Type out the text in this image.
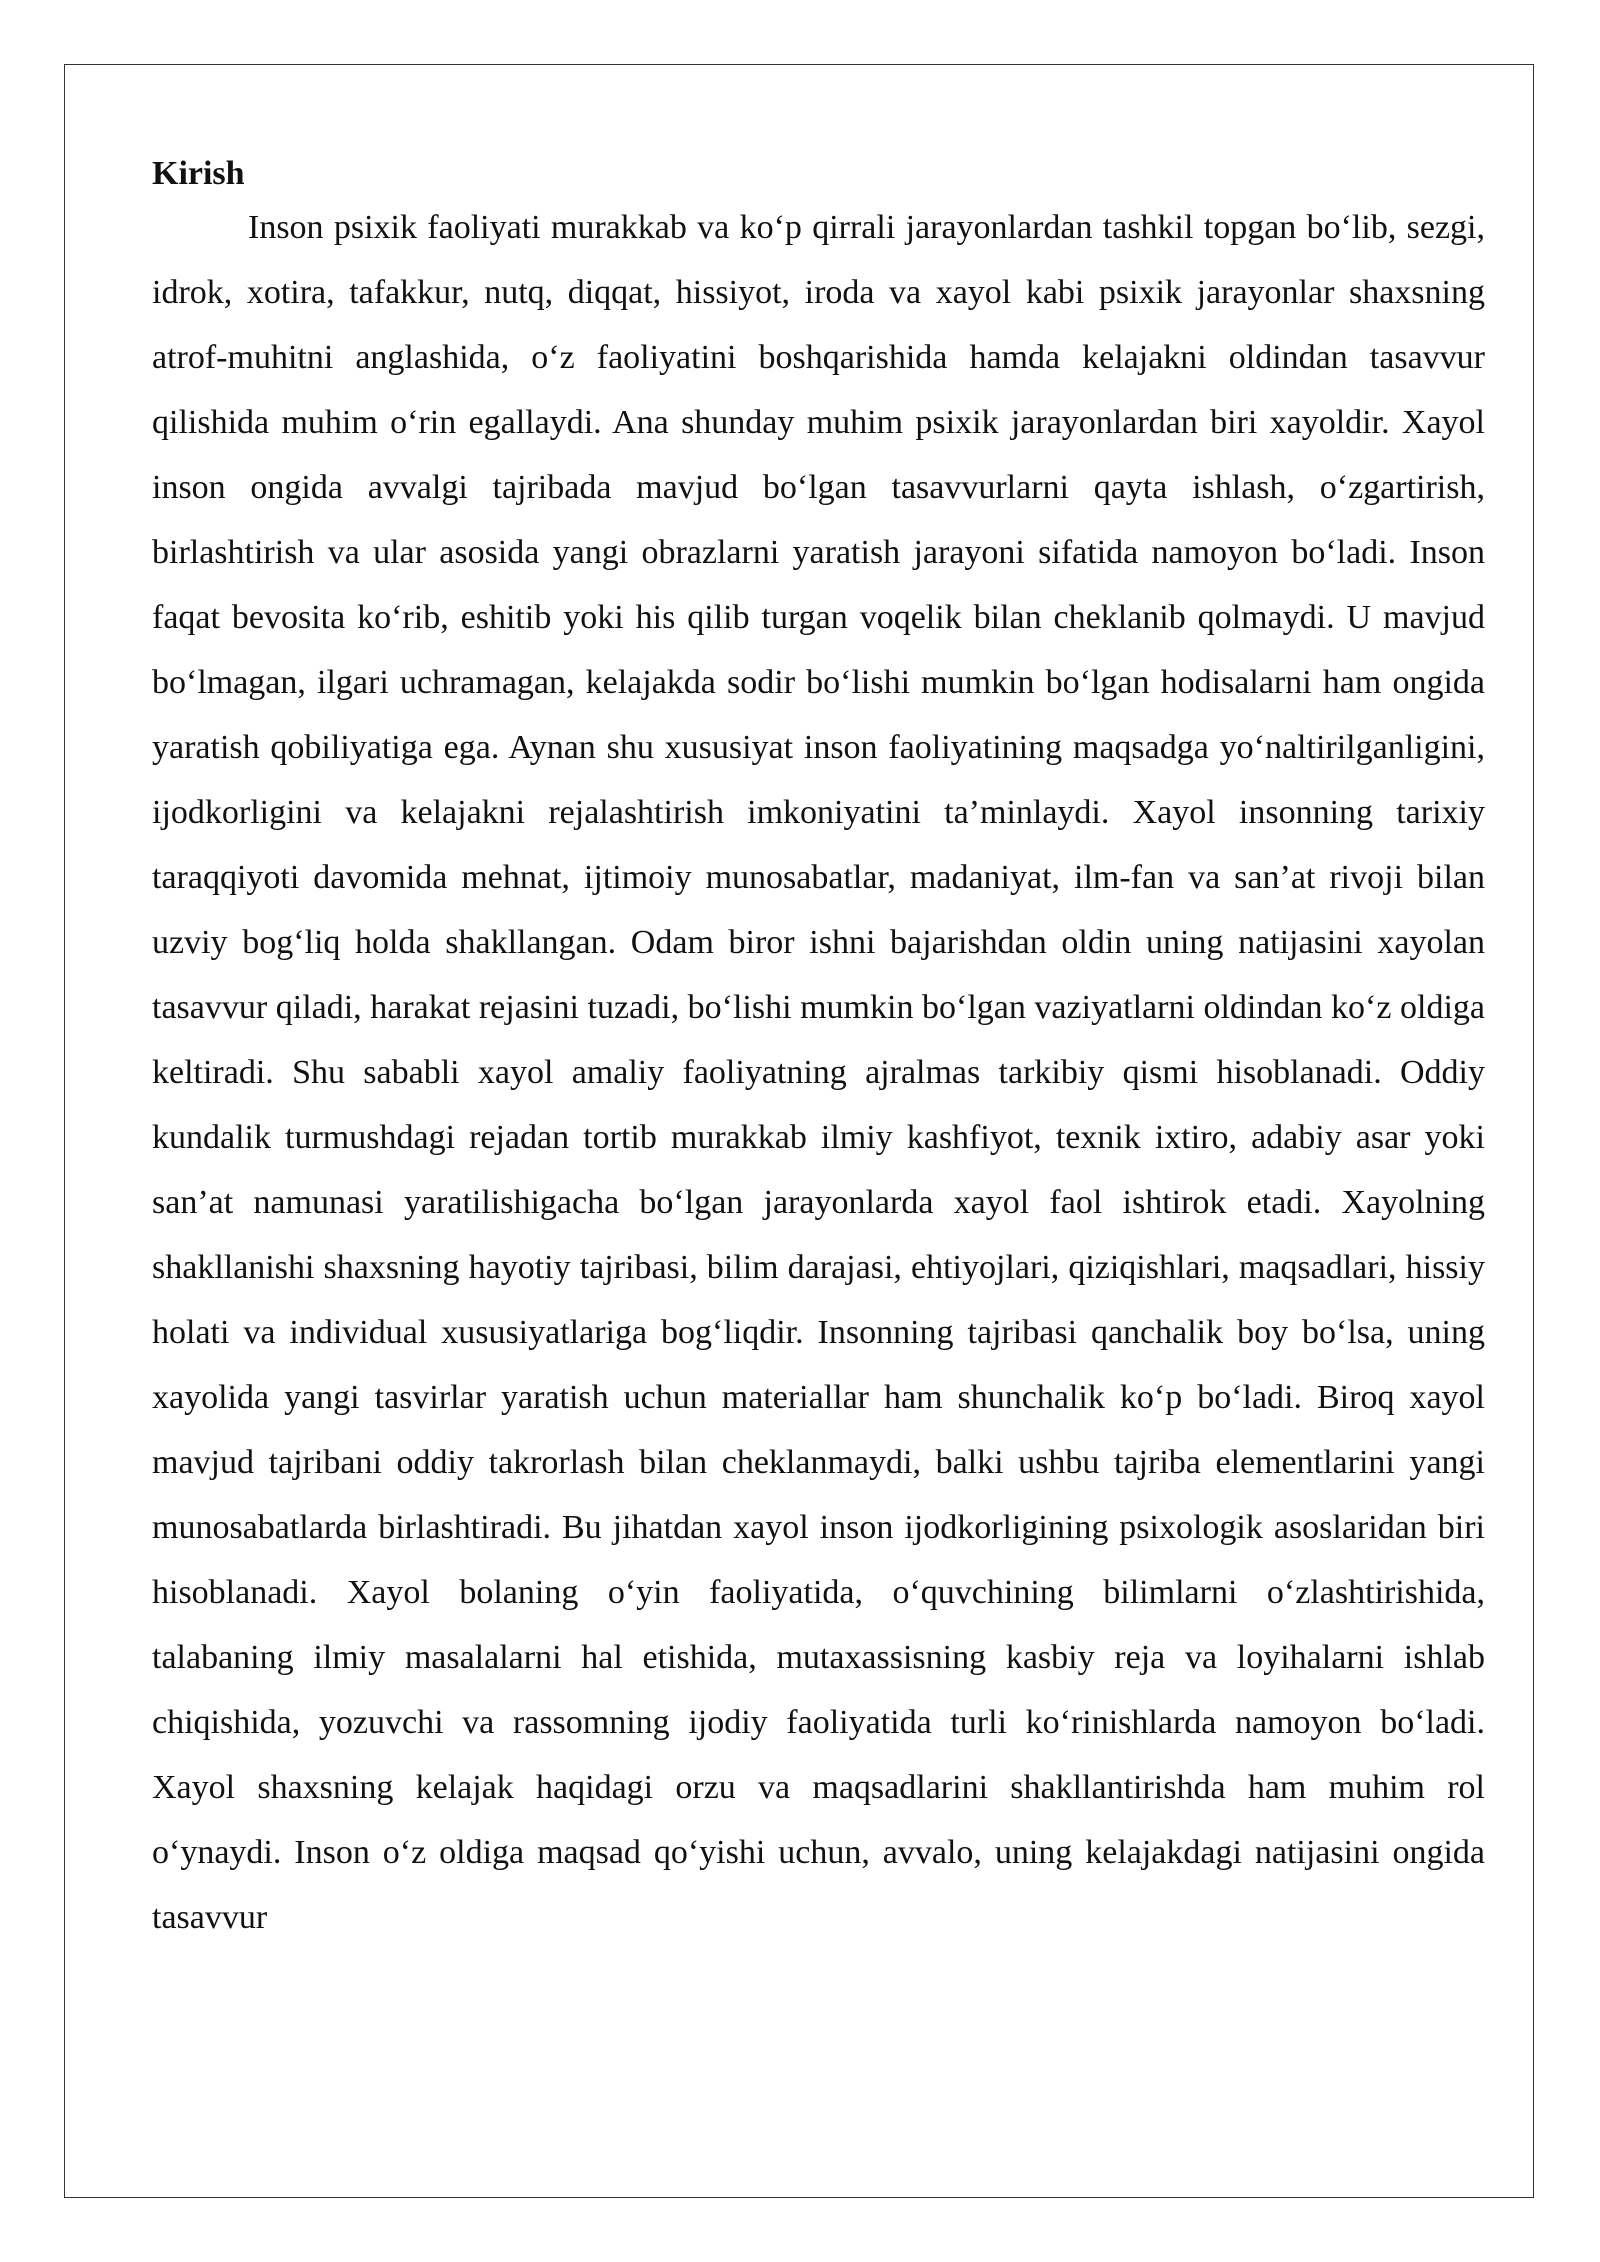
Kirish

Inson psixik faoliyati murakkab va ko‘p qirrali jarayonlardan tashkil topgan bo‘lib, sezgi, idrok, xotira, tafakkur, nutq, diqqat, hissiyot, iroda va xayol kabi psixik jarayonlar shaxsning atrof-muhitni anglashida, o‘z faoliyatini boshqarishida hamda kelajakni oldindan tasavvur qilishida muhim o‘rin egallaydi. Ana shunday muhim psixik jarayonlardan biri xayoldir. Xayol inson ongida avvalgi tajribada mavjud bo‘lgan tasavvurlarni qayta ishlash, o‘zgartirish, birlashtirish va ular asosida yangi obrazlarni yaratish jarayoni sifatida namoyon bo‘ladi. Inson faqat bevosita ko‘rib, eshitib yoki his qilib turgan voqelik bilan cheklanib qolmaydi. U mavjud bo‘lmagan, ilgari uchramagan, kelajakda sodir bo‘lishi mumkin bo‘lgan hodisalarni ham ongida yaratish qobiliyatiga ega. Aynan shu xususiyat inson faoliyatining maqsadga yo‘naltirilganligini, ijodkorligini va kelajakni rejalashtirish imkoniyatini ta’minlaydi. Xayol insonning tarixiy taraqqiyoti davomida mehnat, ijtimoiy munosabatlar, madaniyat, ilm-fan va san’at rivoji bilan uzviy bog‘liq holda shakllangan. Odam biror ishni bajarishdan oldin uning natijasini xayolan tasavvur qiladi, harakat rejasini tuzadi, bo‘lishi mumkin bo‘lgan vaziyatlarni oldindan ko‘z oldiga keltiradi. Shu sababli xayol amaliy faoliyatning ajralmas tarkibiy qismi hisoblanadi. Oddiy kundalik turmushdagi rejadan tortib murakkab ilmiy kashfiyot, texnik ixtiro, adabiy asar yoki san’at namunasi yaratilishigacha bo‘lgan jarayonlarda xayol faol ishtirok etadi. Xayolning shakllanishi shaxsning hayotiy tajribasi, bilim darajasi, ehtiyojlari, qiziqishlari, maqsadlari, hissiy holati va individual xususiyatlariga bog‘liqdir. Insonning tajribasi qanchalik boy bo‘lsa, uning xayolida yangi tasvirlar yaratish uchun materiallar ham shunchalik ko‘p bo‘ladi. Biroq xayol mavjud tajribani oddiy takrorlash bilan cheklanmaydi, balki ushbu tajriba elementlarini yangi munosabatlarda birlashtiradi. Bu jihatdan xayol inson ijodkorligining psixologik asoslaridan biri hisoblanadi. Xayol bolaning o‘yin faoliyatida, o‘quvchining bilimlarni o‘zlashtirishida, talabaning ilmiy masalalarni hal etishida, mutaxassisning kasbiy reja va loyihalarni ishlab chiqishida, yozuvchi va rassomning ijodiy faoliyatida turli ko‘rinishlarda namoyon bo‘ladi. Xayol shaxsning kelajak haqidagi orzu va maqsadlarini shakllantirishda ham muhim rol o‘ynaydi. Inson o‘z oldiga maqsad qo‘yishi uchun, avvalo, uning kelajakdagi natijasini ongida tasavvur
